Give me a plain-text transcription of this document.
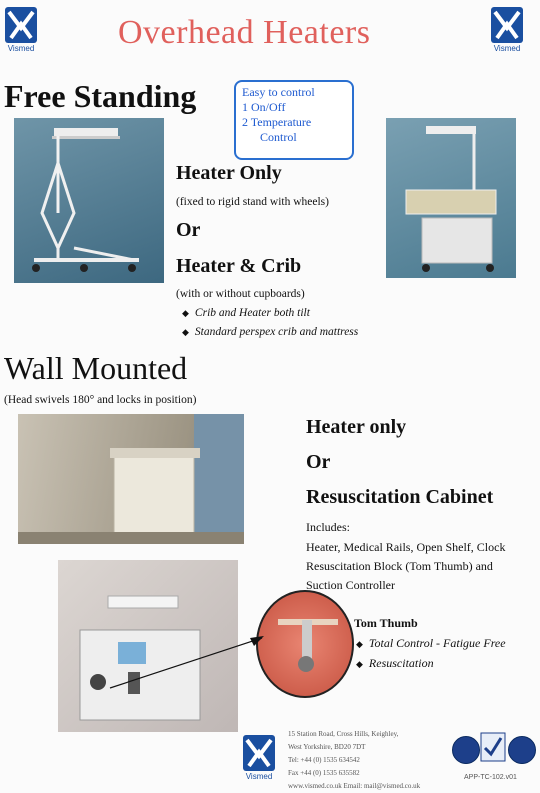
Vismed	Vismed
Overhead Heaters
Free Standing	Easy to control
1 On/Off
2 Temperature
Control
Heater Only
(fixed to rigid stand with wheels)
Or
Heater & Crib
(with or without cupboards)
◆ Crib and Heater both tilt
◆ Standard perspex crib and mattress
Wall Mounted
(Head swivels 180° and locks in position)
Heater only
Or
Resuscitation Cabinet
Includes:
Heater, Medical Rails, Open Shelf, Clock
Resuscitation Block (Tom Thumb) and
Suction Controller
Tom Thumb
◆ Total Control - Fatigue Free
◆ Resuscitation
Vismed
15 Station Road, Cross Hills, Keighley,
West Yorkshire, BD20 7DT
Tel: +44 (0) 1535 634542
Fax +44 (0) 1535 635582
www.vismed.co.uk Email: mail@vismed.co.uk
APP-TC-102.v01
